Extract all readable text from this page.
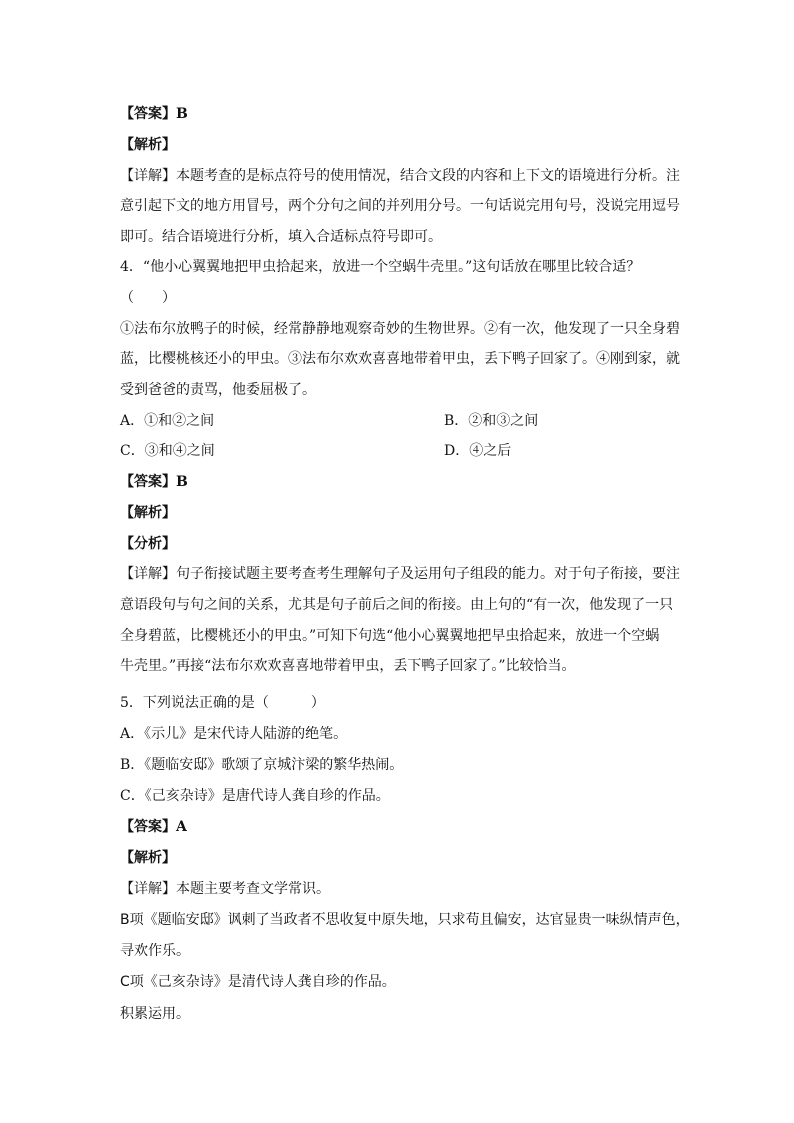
【答案】B
【解析】
【详解】本题考查的是标点符号的使用情况，结合文段的内容和上下文的语境进行分析。注
意引起下文的地方用冒号，两个分句之间的并列用分号。一句话说完用句号，没说完用逗号
即可。结合语境进行分析，填入合适标点符号即可。
4．“他小心翼翼地把甲虫拾起来，放进一个空蜗牛壳里。”这句话放在哪里比较合适？
（　　）
①法布尔放鸭子的时候，经常静静地观察奇妙的生物世界。②有一次，他发现了一只全身碧
蓝，比樱桃核还小的甲虫。③法布尔欢欢喜喜地带着甲虫，丢下鸭子回家了。④刚到家，就
受到爸爸的责骂，他委屈极了。
A．①和②之间	B．②和③之间
C．③和④之间	D．④之后
【答案】B
【解析】
【分析】
【详解】句子衔接试题主要考查考生理解句子及运用句子组段的能力。对于句子衔接，要注
意语段句与句之间的关系，尤其是句子前后之间的衔接。由上句的“有一次，他发现了一只
全身碧蓝，比樱桃还小的甲虫。”可知下句选“他小心翼翼地把早虫拾起来，放进一个空蜗
牛壳里。”再接“法布尔欢欢喜喜地带着甲虫，丢下鸭子回家了。”比较恰当。
5．下列说法正确的是（　　　）
A．《示儿》是宋代诗人陆游的绝笔。
B．《题临安邸》歌颂了京城汴梁的繁华热闹。
C．《己亥杂诗》是唐代诗人龚自珍的作品。
【答案】A
【解析】
【详解】本题主要考查文学常识。
B项《题临安邸》讽刺了当政者不思收复中原失地，只求苟且偏安，达官显贵一味纵情声色，
寻欢作乐。
C项《己亥杂诗》是清代诗人龚自珍的作品。
积累运用。
